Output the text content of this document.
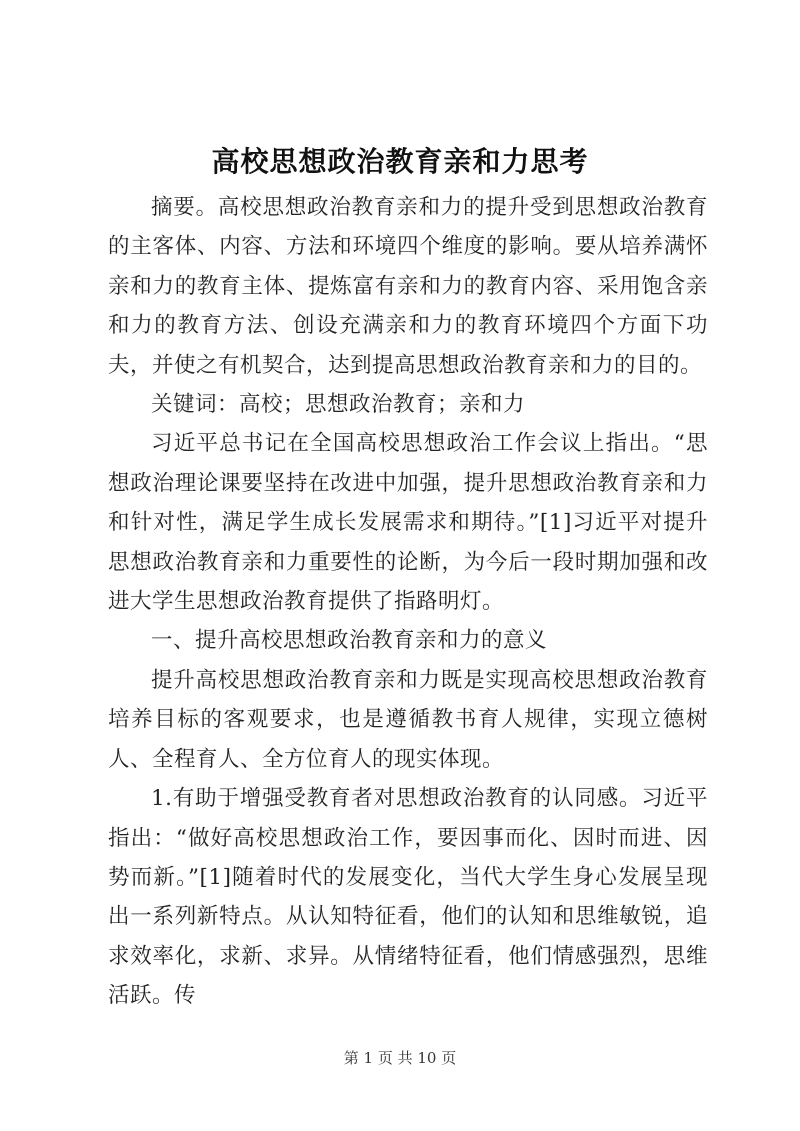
高校思想政治教育亲和力思考

摘要。高校思想政治教育亲和力的提升受到思想政治教育的主客体、内容、方法和环境四个维度的影响。要从培养满怀亲和力的教育主体、提炼富有亲和力的教育内容、采用饱含亲和力的教育方法、创设充满亲和力的教育环境四个方面下功夫，并使之有机契合，达到提高思想政治教育亲和力的目的。

关键词：高校；思想政治教育；亲和力

习近平总书记在全国高校思想政治工作会议上指出。“思想政治理论课要坚持在改进中加强，提升思想政治教育亲和力和针对性，满足学生成长发展需求和期待。”[1]习近平对提升思想政治教育亲和力重要性的论断，为今后一段时期加强和改进大学生思想政治教育提供了指路明灯。

一、提升高校思想政治教育亲和力的意义

提升高校思想政治教育亲和力既是实现高校思想政治教育培养目标的客观要求，也是遵循教书育人规律，实现立德树人、全程育人、全方位育人的现实体现。

1.有助于增强受教育者对思想政治教育的认同感。习近平指出：“做好高校思想政治工作，要因事而化、因时而进、因势而新。”[1]随着时代的发展变化，当代大学生身心发展呈现出一系列新特点。从认知特征看，他们的认知和思维敏锐，追求效率化，求新、求异。从情绪特征看，他们情感强烈，思维活跃。传

第 1 页 共 10 页
